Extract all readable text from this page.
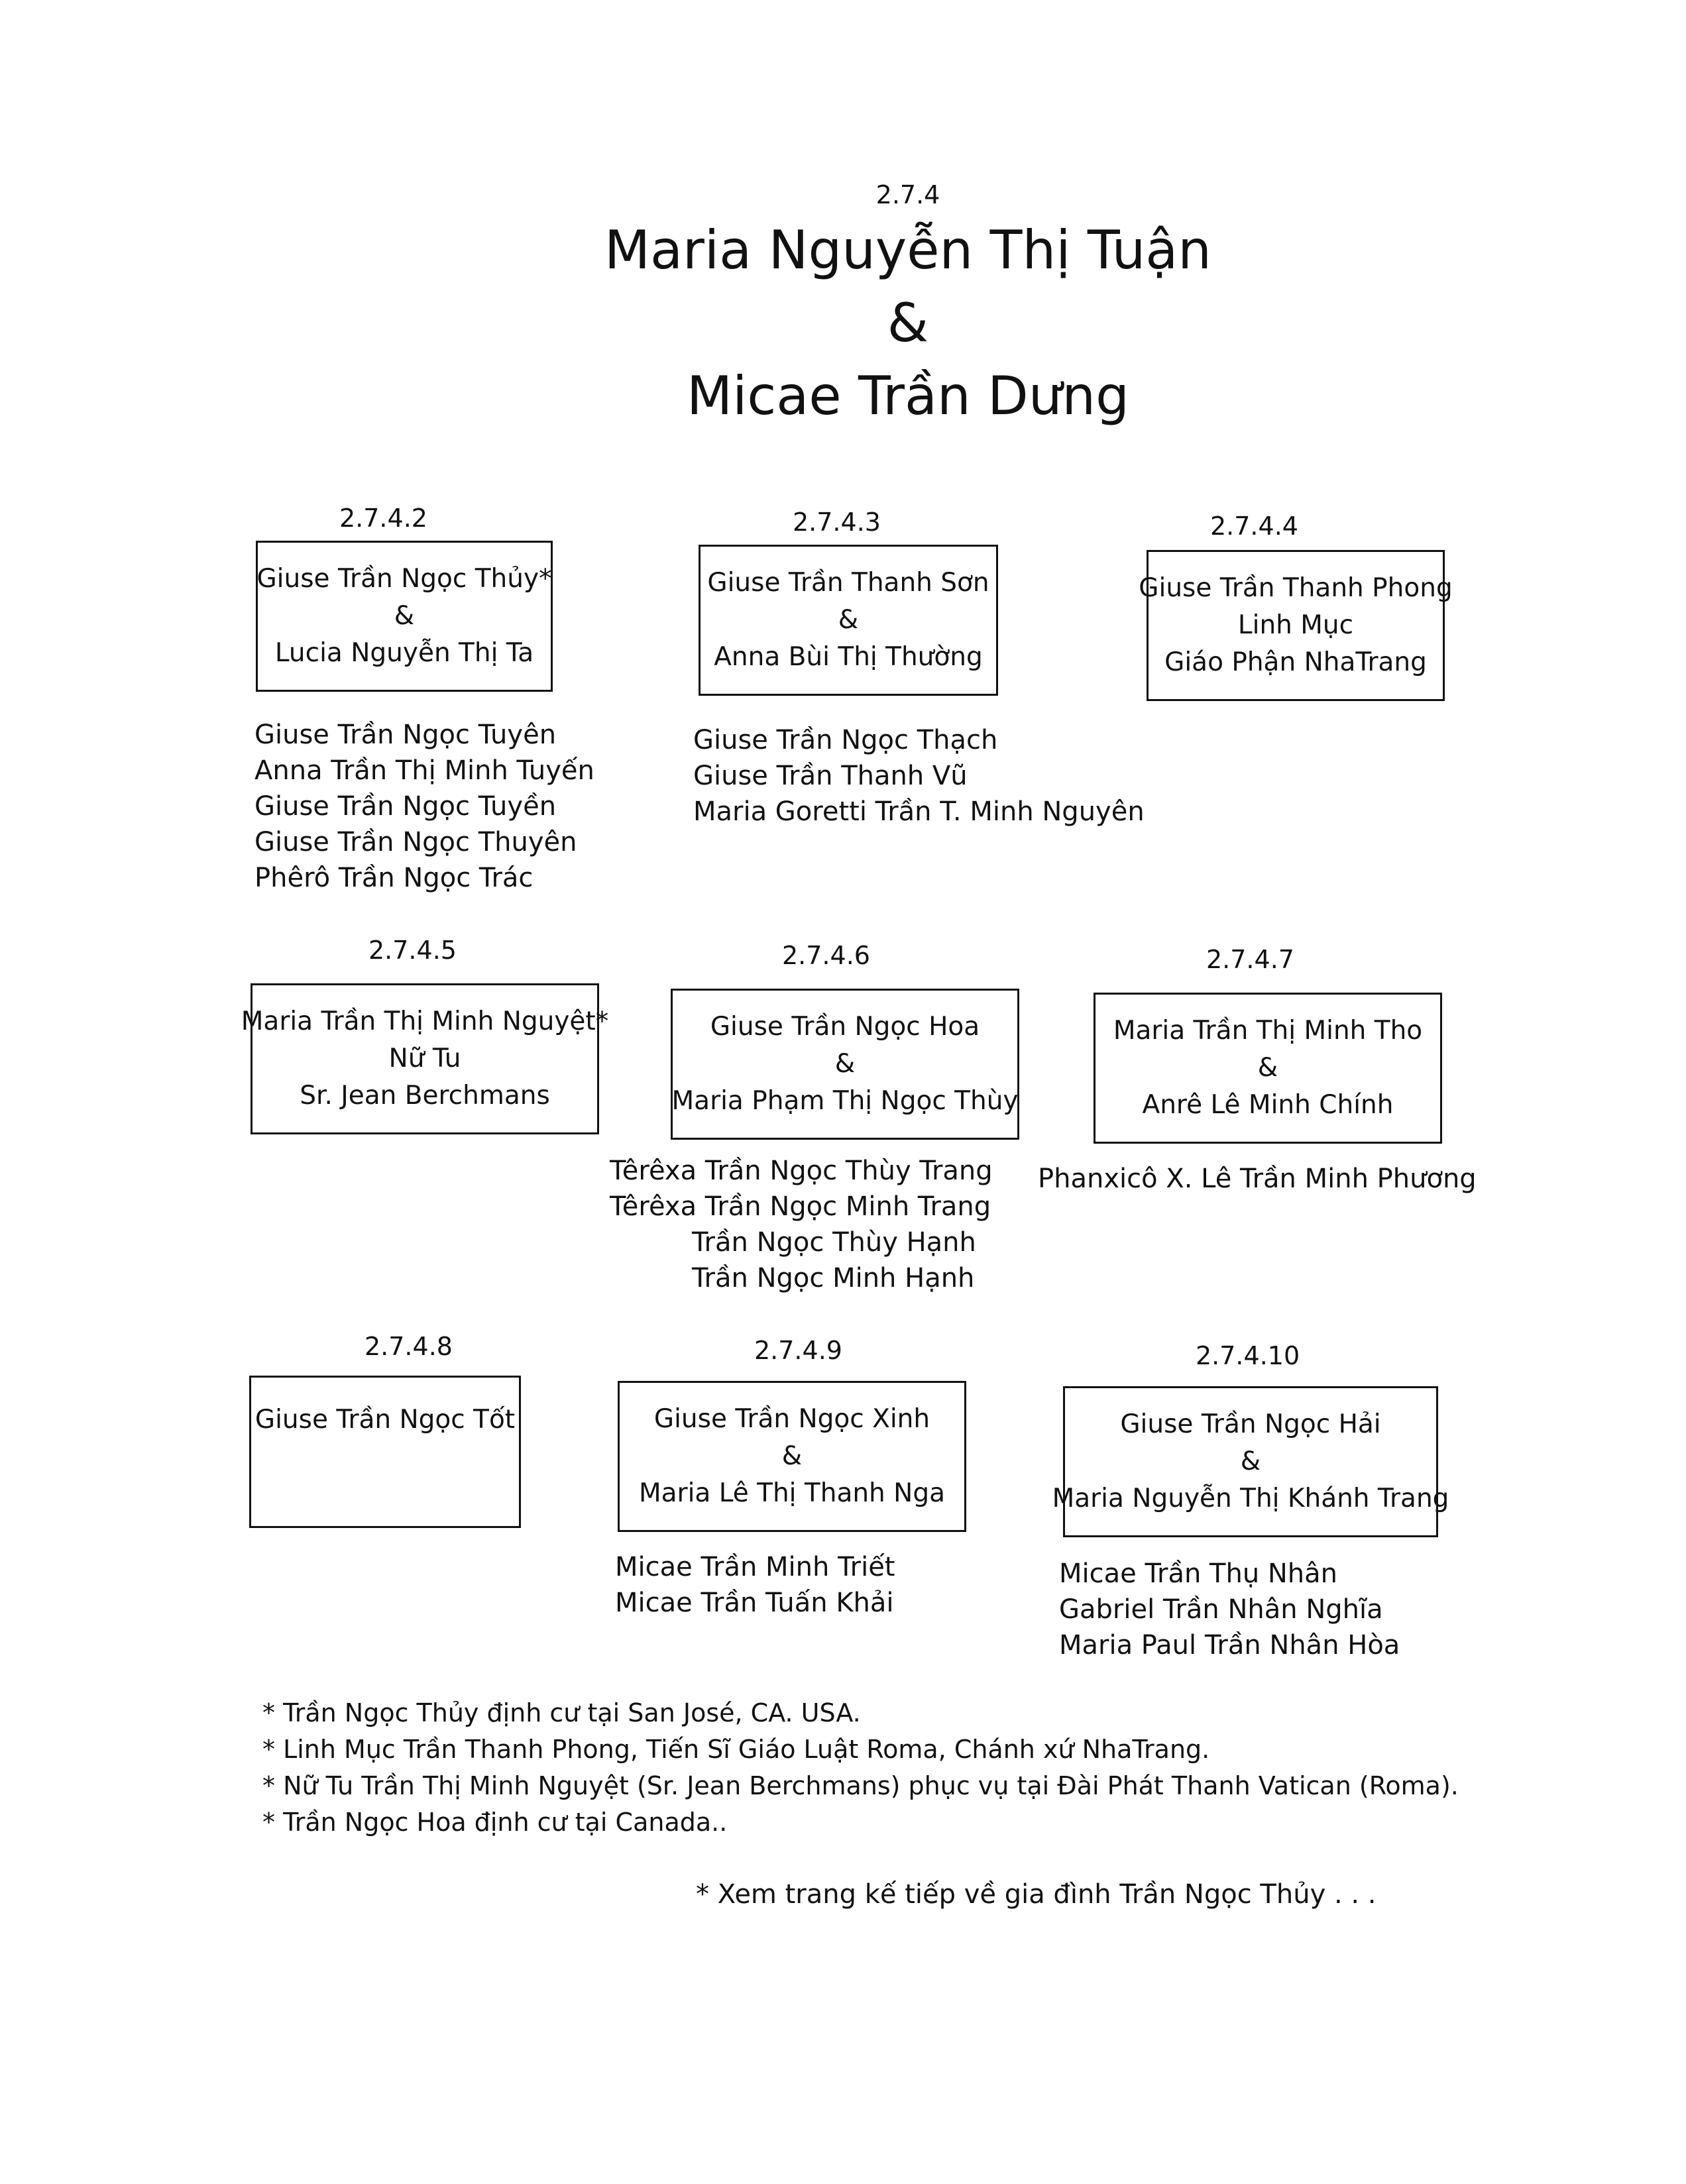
2.7.4
Maria Nguyễn Thị Tuận
&
Micae Trần Dưng
2.7.4.2
Giuse Trần Ngọc Thủy*
&
Lucia Nguyễn Thị Ta
Giuse Trần Ngọc Tuyên
Anna Trần Thị Minh Tuyến
Giuse Trần Ngọc Tuyền
Giuse Trần Ngọc Thuyên
Phêrô Trần Ngọc Trác
2.7.4.3
Giuse Trần Thanh Sơn
&
Anna Bùi Thị Thường
Giuse Trần Ngọc Thạch
Giuse Trần Thanh Vũ
Maria Goretti Trần T. Minh Nguyên
2.7.4.4
Giuse Trần Thanh Phong
Linh Mục
Giáo Phận NhaTrang
2.7.4.5
Maria Trần Thị Minh Nguyệt*
Nữ Tu
Sr. Jean Berchmans
2.7.4.6
Giuse Trần Ngọc Hoa
&
Maria Phạm Thị Ngọc Thùy
Têrêxa Trần Ngọc Thùy Trang
Têrêxa Trần Ngọc Minh Trang
Trần Ngọc Thùy Hạnh
Trần Ngọc Minh Hạnh
2.7.4.7
Maria Trần Thị Minh Tho
&
Anrê Lê Minh Chính
Phanxicô X. Lê Trần Minh Phương
2.7.4.8
Giuse Trần Ngọc Tốt
2.7.4.9
Giuse Trần Ngọc Xinh
&
Maria Lê Thị Thanh Nga
Micae Trần Minh Triết
Micae Trần Tuấn Khải
2.7.4.10
Giuse Trần Ngọc Hải
&
Maria Nguyễn Thị Khánh Trang
Micae Trần Thụ Nhân
Gabriel Trần Nhân Nghĩa
Maria Paul Trần Nhân Hòa
* Trần Ngọc Thủy định cư tại San José, CA. USA.
* Linh Mục Trần Thanh Phong, Tiến Sĩ Giáo Luật Roma, Chánh xứ NhaTrang.
* Nữ Tu Trần Thị Minh Nguyệt (Sr. Jean Berchmans) phục vụ tại Đài Phát Thanh Vatican (Roma).
* Trần Ngọc Hoa định cư tại Canada..
* Xem trang kế tiếp về gia đình Trần Ngọc Thủy . . .
